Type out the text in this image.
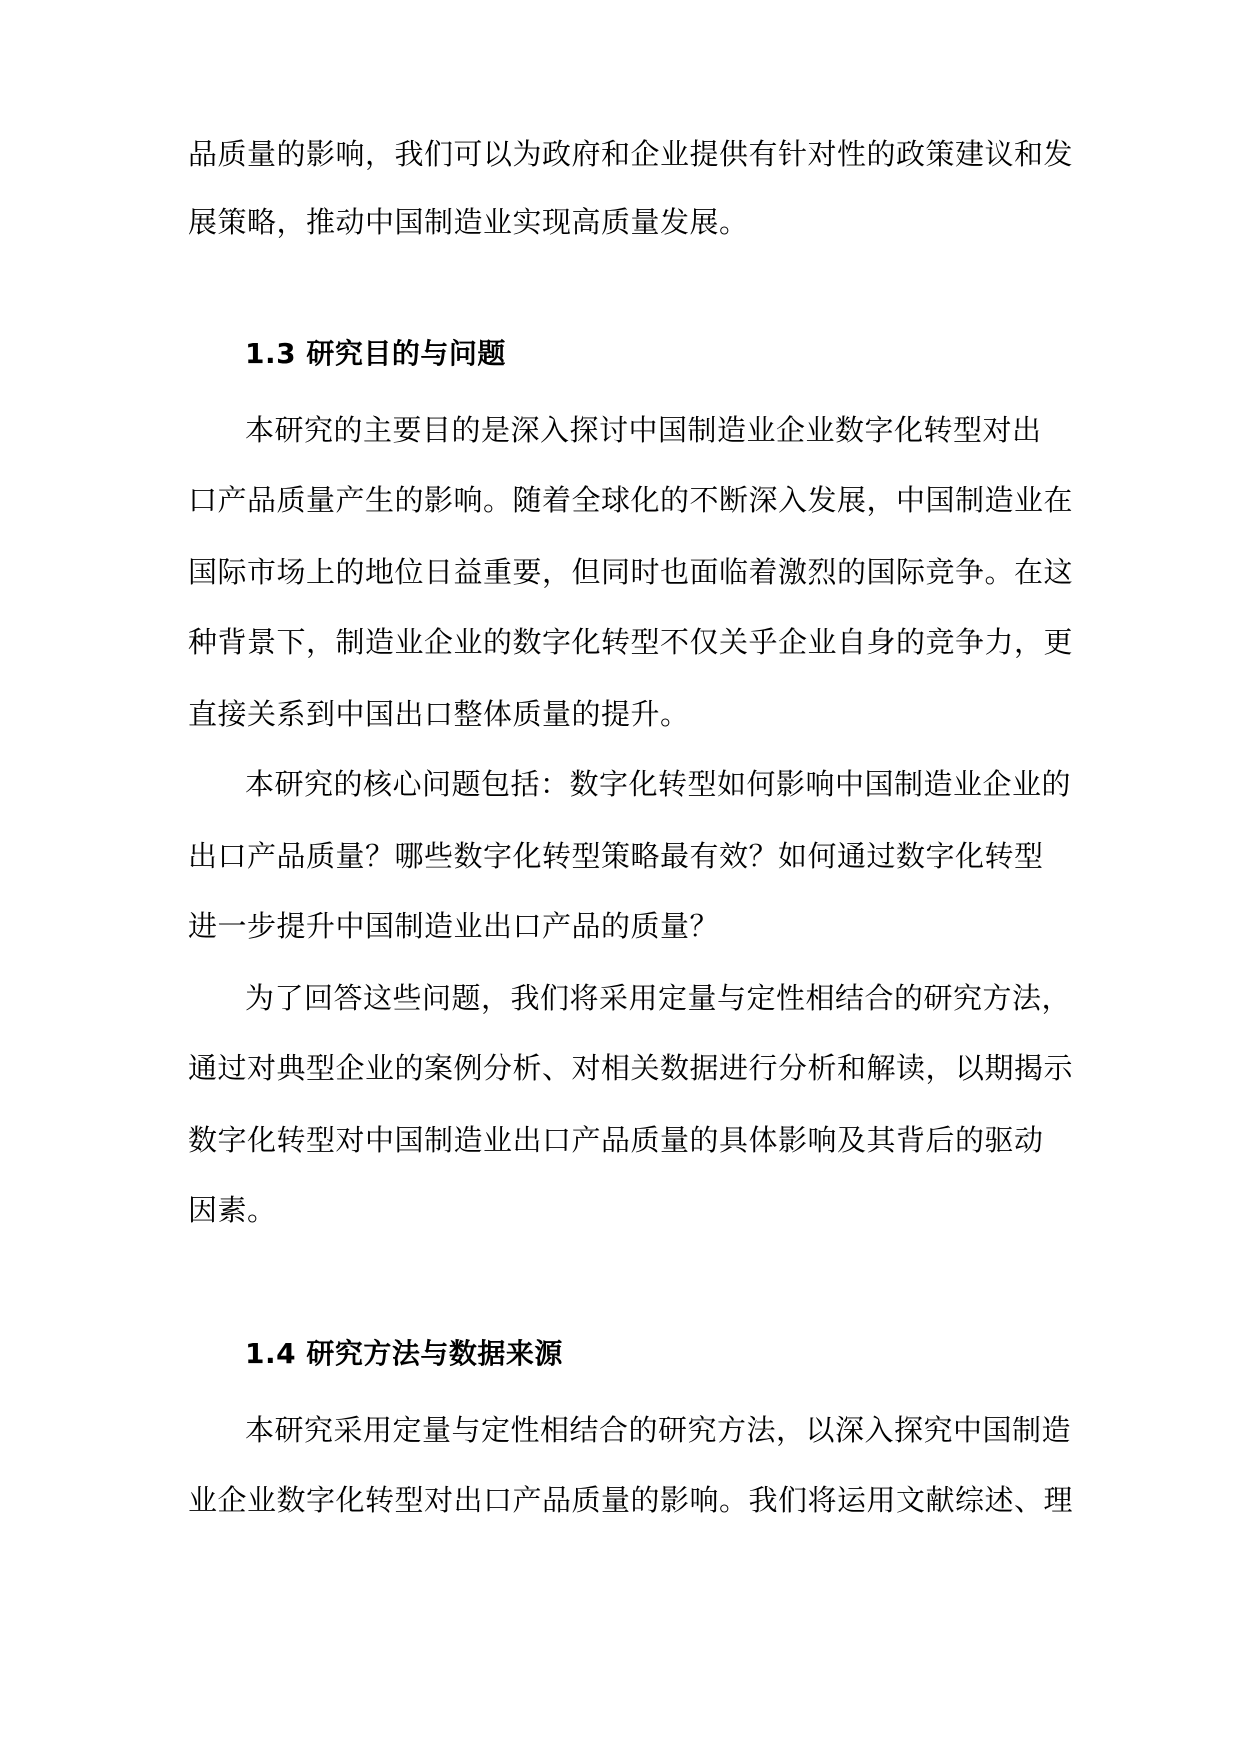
品质量的影响，我们可以为政府和企业提供有针对性的政策建议和发
展策略，推动中国制造业实现高质量发展。
1.3 研究目的与问题
本研究的主要目的是深入探讨中国制造业企业数字化转型对出
口产品质量产生的影响。随着全球化的不断深入发展，中国制造业在
国际市场上的地位日益重要，但同时也面临着激烈的国际竞争。在这
种背景下，制造业企业的数字化转型不仅关乎企业自身的竞争力，更
直接关系到中国出口整体质量的提升。
本研究的核心问题包括：数字化转型如何影响中国制造业企业的
出口产品质量？哪些数字化转型策略最有效？如何通过数字化转型
进一步提升中国制造业出口产品的质量？
为了回答这些问题，我们将采用定量与定性相结合的研究方法，
通过对典型企业的案例分析、对相关数据进行分析和解读，以期揭示
数字化转型对中国制造业出口产品质量的具体影响及其背后的驱动
因素。
1.4 研究方法与数据来源
本研究采用定量与定性相结合的研究方法，以深入探究中国制造
业企业数字化转型对出口产品质量的影响。我们将运用文献综述、理
